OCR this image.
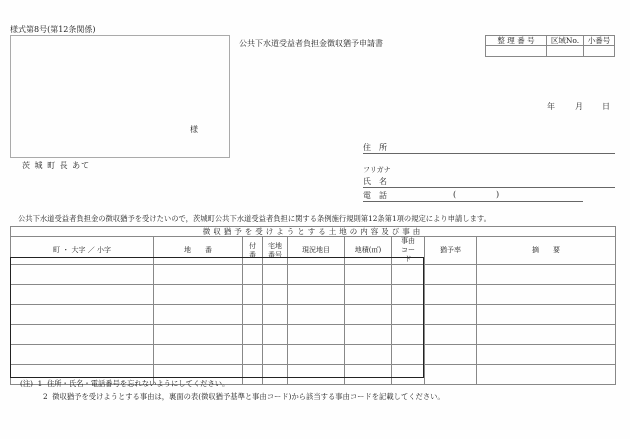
様式第8号(第12条関係)
様
茨 城 町 長 あて
公共下水道受益者負担金徴収猶予申請書	整 理 番 号	区域No.	小番号

年	月 日
住　所
フリガナ
氏　名
電　話	(	)
公共下水道受益者負担金の徴収猶予を受けたいので，茨城町公共下水道受益者負担に関する条例施行規則第12条第1項の規定により申請します。
徴収猶予を受けようとする土地の内容及び事由								
町 ・ 大字 ／ 小字	地　　番	付番	宅地番号	現況地目	地積(㎡)	事由コード	猶予率	摘　　要

(注) 1 住所・氏名・電話番号を忘れないようにしてください。
2 徴収猶予を受けようとする事由は，裏面の表(徴収猶予基準と事由コード)から該当する事由コードを記載してください。
